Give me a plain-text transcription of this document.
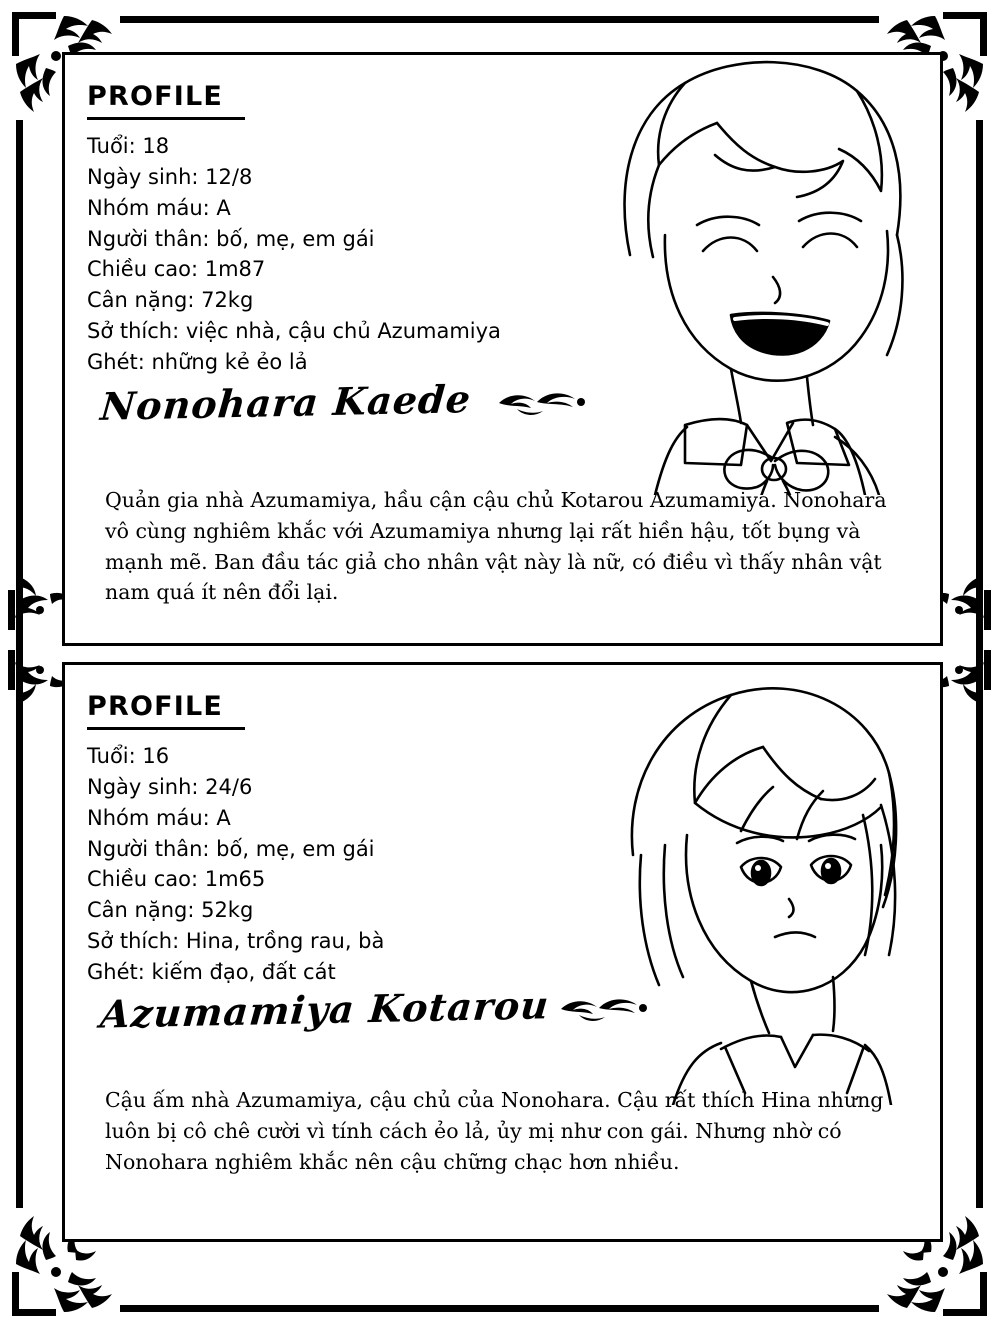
PROFILE
Tuổi: 18
Ngày sinh: 12/8
Nhóm máu: A
Người thân: bố, mẹ, em gái
Chiều cao: 1m87
Cân nặng: 72kg
Sở thích: việc nhà, cậu chủ Azumamiya
Ghét: những kẻ ẻo lả
Nonohara Kaede
Quản gia nhà Azumamiya, hầu cận cậu chủ Kotarou Azumamiya. Nonohara vô cùng nghiêm khắc với Azumamiya nhưng lại rất hiền hậu, tốt bụng và mạnh mẽ. Ban đầu tác giả cho nhân vật này là nữ, có điều vì thấy nhân vật nam quá ít nên đổi lại.
PROFILE
Tuổi: 16
Ngày sinh: 24/6
Nhóm máu: A
Người thân: bố, mẹ, em gái
Chiều cao: 1m65
Cân nặng: 52kg
Sở thích: Hina, trồng rau, bà
Ghét: kiếm đạo, đất cát
Azumamiya Kotarou
Cậu ấm nhà Azumamiya, cậu chủ của Nonohara. Cậu rất thích Hina nhưng luôn bị cô chê cười vì tính cách ẻo lả, ủy mị như con gái. Nhưng nhờ có Nonohara nghiêm khắc nên cậu chững chạc hơn nhiều.
